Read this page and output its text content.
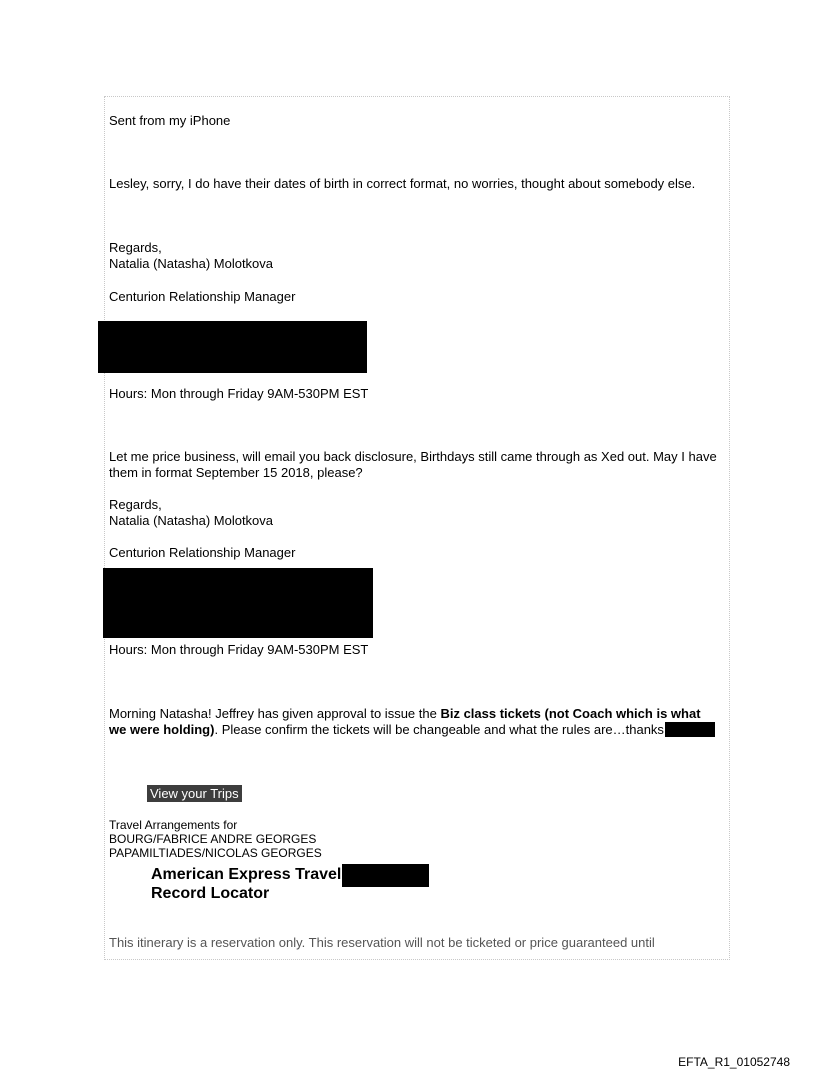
Sent from my iPhone
Lesley, sorry, I do have their dates of birth in correct format, no worries, thought about somebody else.
Regards,
Natalia (Natasha) Molotkova
Centurion Relationship Manager
Hours: Mon through Friday 9AM-530PM EST
Let me price business, will email you back disclosure, Birthdays still came through as Xed out. May I have them in format September 15 2018, please?
Regards,
Natalia (Natasha) Molotkova
Centurion Relationship Manager
Hours: Mon through Friday 9AM-530PM EST
Morning Natasha! Jeffrey has given approval to issue the Biz class tickets (not Coach which is what we were holding). Please confirm the tickets will be changeable and what the rules are…thanks
View your Trips
Travel Arrangements for
BOURG/FABRICE ANDRE GEORGES
PAPAMILTIADES/NICOLAS GEORGES
American Express Travel
Record Locator
This itinerary is a reservation only. This reservation will not be ticketed or price guaranteed until
EFTA_R1_01052748
